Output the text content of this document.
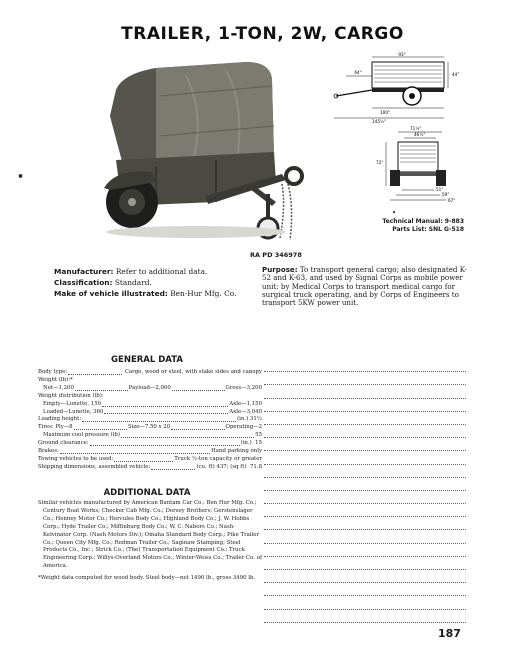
TRAILER, 1-TON, 2W, CARGO
•
RA PD 346978
93"
64"	44"
100"
145½"
71½"
46½"
72"
51"
59"
67"
•
Technical Manual: 9-883
Parts List: SNL G-518
Manufacturer: Refer to additional data.
Classification: Standard.
Make of vehicle illustrated: Ben-Hur Mfg. Co.
Purpose: To transport general cargo; also designated K-52 and K-63, and used by Signal Corps as mobile power unit; by Medical Corps to transport medical cargo for surgical truck operating, and by Corps of Engineers to transport 5KW power unit.
GENERAL DATA
Body type:	Cargo, wood or steel, with stake sides and canopy
Weight (lb):*
Net—1,200	Payload—2,000	Gross—3,200
Weight distribution (lb):
Empty—Lunette, 150	Axle—1,150
Loaded—Lunette, 360	Axle—3,040
Loading height:	(in.) 31½
Tires: Ply—8	Size—7.50 x 20	Operating—2
Maximum cool pressure (lb)	55
Ground clearance:	(in.)  15
Brakes:	Hand parking only
Towing vehicles to be used:	Truck ½-ton capacity or greater
Shipping dimensions, assembled vehicle:	(cu. ft) 437; (sq ft)  71.8
ADDITIONAL DATA

Similar vehicles manufactured by American Bantam Car Co.; Ben Hur Mfg. Co.; Century Boat Works; Checker Cab Mfg. Co.; Dorsey Brothers; Gerstenslager Co.; Henney Motor Co.; Hercules Body Co.; Highland Body Co.; J. W. Hobbs Corp.; Hyde Trailer Co.; Miffinburg Body Co.; W. C. Nabors Co.; Nash-Kelvinator Corp. (Nash Motors Div.); Omaha Standard Body Corp.; Pike Trailer Co.; Queen City Mfg. Co.; Redman Trailer Co.; Saginaw Stamping; Steel Products Co., Inc.; Strick Co.; (The) Transportation Equipment Co.; Truck Engineering Corp.; Willys-Overland Motors Co.; Winter-Weiss Co.; Trailer Co. of America.

*Weight data computed for wood body. Steel body—net 1490 lb., gross 3490 lb.

187
